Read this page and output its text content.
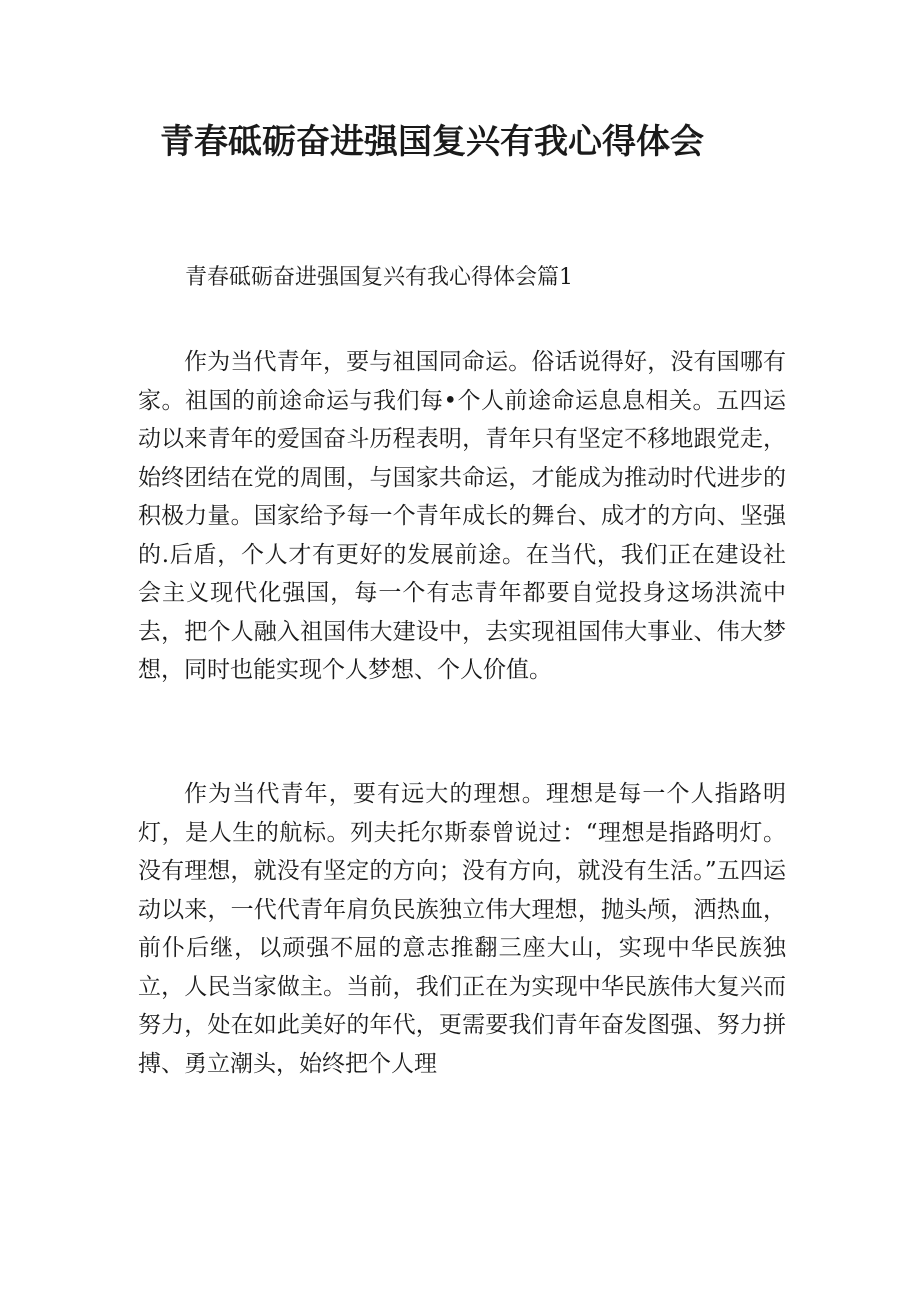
青春砥砺奋进强国复兴有我心得体会

青春砥砺奋进强国复兴有我心得体会篇1

作为当代青年，要与祖国同命运。俗话说得好，没有国哪有家。祖国的前途命运与我们每•个人前途命运息息相关。五四运动以来青年的爱国奋斗历程表明，青年只有坚定不移地跟党走，始终团结在党的周围，与国家共命运，才能成为推动时代进步的积极力量。国家给予每一个青年成长的舞台、成才的方向、坚强的.后盾，个人才有更好的发展前途。在当代，我们正在建设社会主义现代化强国，每一个有志青年都要自觉投身这场洪流中去，把个人融入祖国伟大建设中，去实现祖国伟大事业、伟大梦想，同时也能实现个人梦想、个人价值。

作为当代青年，要有远大的理想。理想是每一个人指路明灯，是人生的航标。列夫托尔斯泰曾说过：“理想是指路明灯。没有理想，就没有坚定的方向；没有方向，就没有生活。”五四运动以来，一代代青年肩负民族独立伟大理想，抛头颅，洒热血，前仆后继，以顽强不屈的意志推翻三座大山，实现中华民族独立，人民当家做主。当前，我们正在为实现中华民族伟大复兴而努力，处在如此美好的年代，更需要我们青年奋发图强、努力拼搏、勇立潮头，始终把个人理
